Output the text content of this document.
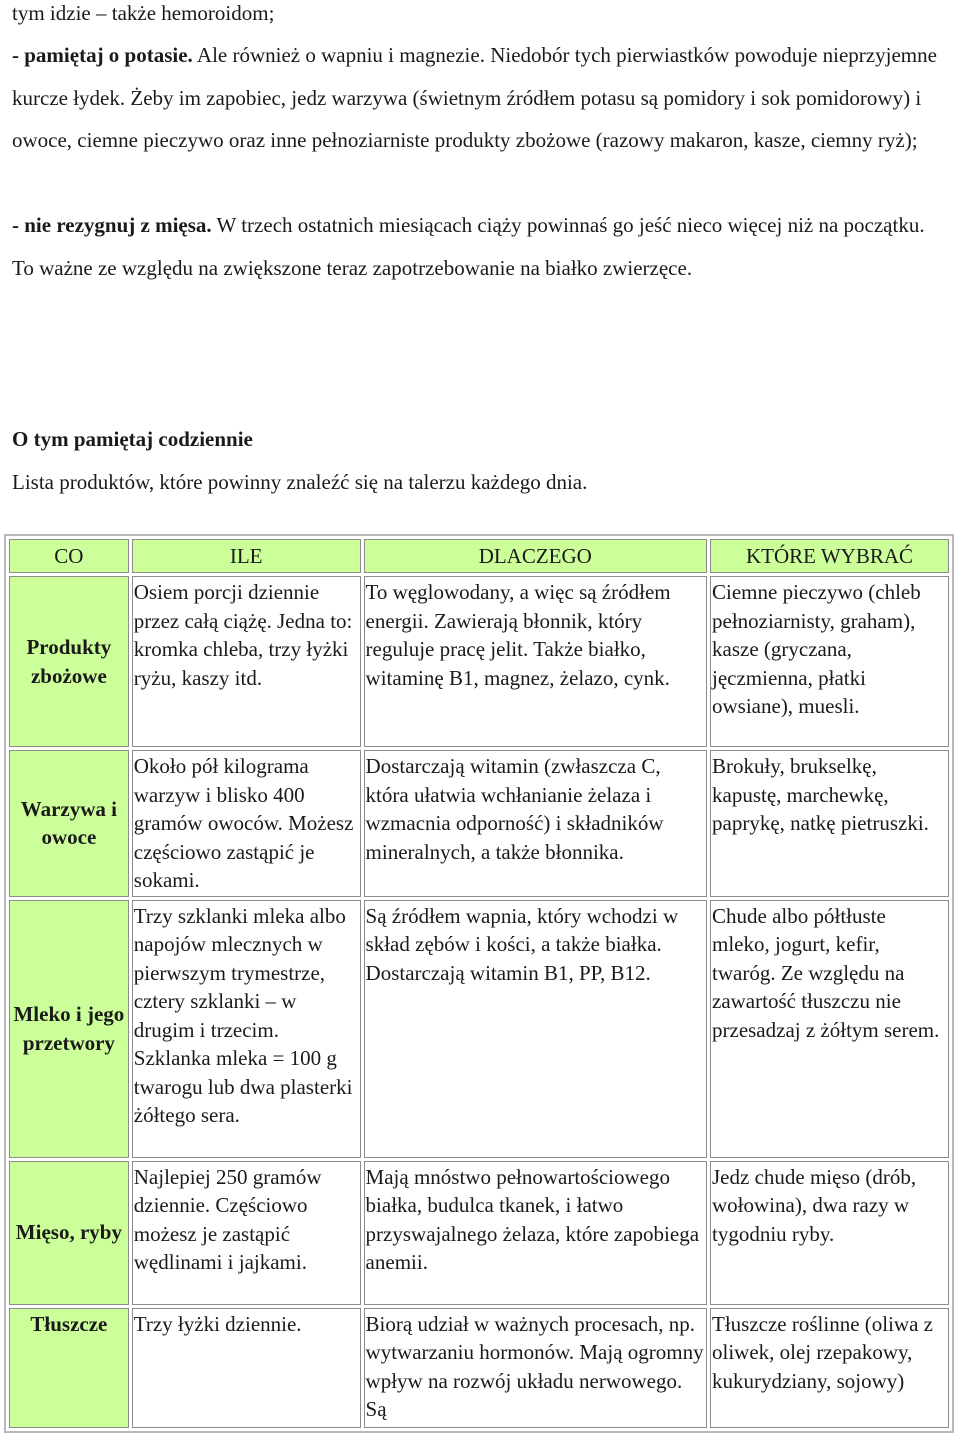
tym idzie – także hemoroidom;

- pamiętaj o potasie. Ale również o wapniu i magnezie. Niedobór tych pierwiastków powoduje nieprzyjemne kurcze łydek. Żeby im zapobiec, jedz warzywa (świetnym źródłem potasu są pomidory i sok pomidorowy) i owoce, ciemne pieczywo oraz inne pełnoziarniste produkty zbożowe (razowy makaron, kasze, ciemny ryż);

- nie rezygnuj z mięsa. W trzech ostatnich miesiącach ciąży powinnaś go jeść nieco więcej niż na początku. To ważne ze względu na zwiększone teraz zapotrzebowanie na białko zwierzęce.

O tym pamiętaj codziennie

Lista produktów, które powinny znaleźć się na talerzu każdego dnia.

CO	ILE	DLACZEGO	KTÓRE WYBRAĆ
Produkty zbożowe	Osiem porcji dziennie przez całą ciążę. Jedna to: kromka chleba, trzy łyżki ryżu, kaszy itd.	To węglowodany, a więc są źródłem energii. Zawierają błonnik, który reguluje pracę jelit. Także białko, witaminę B1, magnez, żelazo, cynk.	Ciemne pieczywo (chleb pełnoziarnisty, graham), kasze (gryczana, jęczmienna, płatki owsiane), muesli.
Warzywa i owoce	Około pół kilograma warzyw i blisko 400 gramów owoców. Możesz częściowo zastąpić je sokami.	Dostarczają witamin (zwłaszcza C, która ułatwia wchłanianie żelaza i wzmacnia odporność) i składników mineralnych, a także błonnika.	Brokuły, brukselkę, kapustę, marchewkę, paprykę, natkę pietruszki.
Mleko i jego przetwory	Trzy szklanki mleka albo napojów mlecznych w pierwszym trymestrze, cztery szklanki – w drugim i trzecim. Szklanka mleka = 100 g twarogu lub dwa plasterki żółtego sera.	Są źródłem wapnia, który wchodzi w skład zębów i kości, a także białka. Dostarczają witamin B1, PP, B12.	Chude albo półtłuste mleko, jogurt, kefir, twaróg. Ze względu na zawartość tłuszczu nie przesadzaj z żółtym serem.
Mięso, ryby	Najlepiej 250 gramów dziennie. Częściowo możesz je zastąpić wędlinami i jajkami.	Mają mnóstwo pełnowartościowego białka, budulca tkanek, i łatwo przyswajalnego żelaza, które zapobiega anemii.	Jedz chude mięso (drób, wołowina), dwa razy w tygodniu ryby.
Tłuszcze	Trzy łyżki dziennie.	Biorą udział w ważnych procesach, np. wytwarzaniu hormonów. Mają ogromny wpływ na rozwój układu nerwowego. Są	Tłuszcze roślinne (oliwa z oliwek, olej rzepakowy, kukurydziany, sojowy)
